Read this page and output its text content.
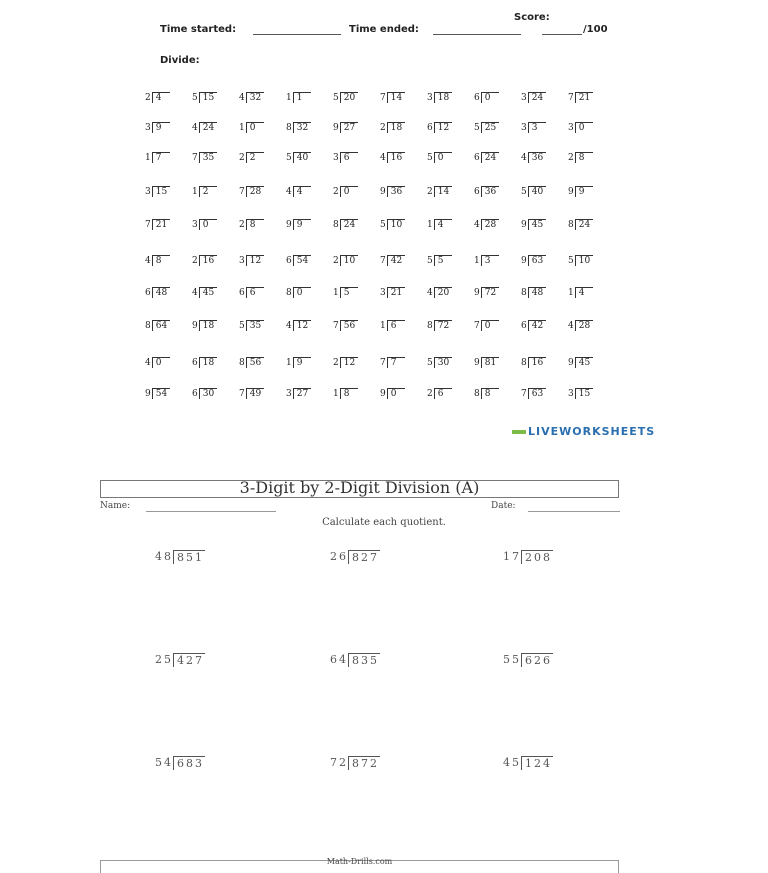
Score:
Time started:	Time ended:	/100
Divide:
2 4	5 15	4 32	1 1	5 20	7 14	3 18	6 0	3 24	7 21
3 9	4 24	1 0	8 32	9 27	2 18	6 12	5 25	3 3	3 0
1 7	7 35	2 2	5 40	3 6	4 16	5 0	6 24	4 36	2 8
3 15	1 2	7 28	4 4	2 0	9 36	2 14	6 36	5 40	9 9
7 21	3 0	2 8	9 9	8 24	5 10	1 4	4 28	9 45	8 24
4 8	2 16	3 12	6 54	2 10	7 42	5 5	1 3	9 63	5 10
6 48	4 45	6 6	8 0	1 5	3 21	4 20	9 72	8 48	1 4
8 64	9 18	5 35	4 12	7 56	1 6	8 72	7 0	6 42	4 28
4 0	6 18	8 56	1 9	2 12	7 7	5 30	9 81	8 16	9 45
9 54	6 30	7 49	3 27	1 8	9 0	2 6	8 8	7 63	3 15
LIVEWORKSHEETS
3-Digit by 2-Digit Division (A)
Name:	Date:
Calculate each quotient.
48 851	26 827	17 208
25 427	64 835	55 626
54 683	72 872	45 124
Math-Drills.com
